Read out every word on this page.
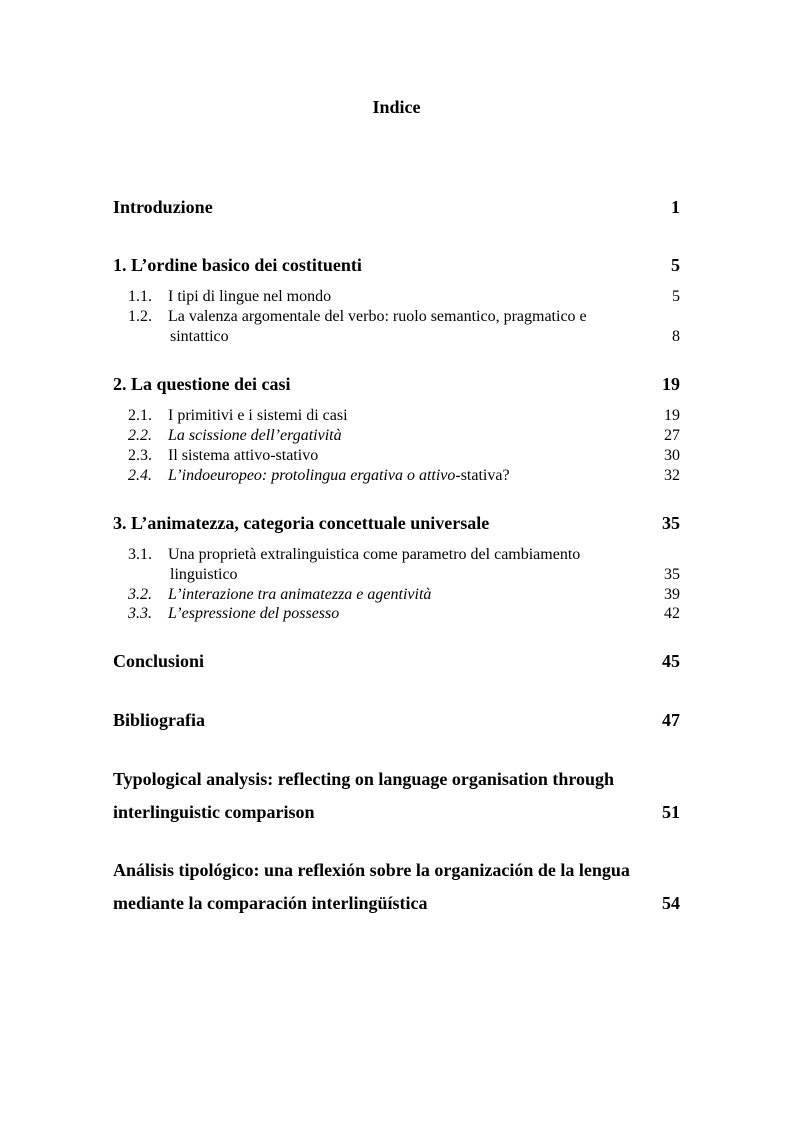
Indice
Introduzione	1
1. L’ordine basico dei costituenti	5
1.1.	I tipi di lingue nel mondo	5
1.2.	La valenza argomentale del verbo: ruolo semantico, pragmatico e
sintattico	8
2. La questione dei casi	19
2.1.	I primitivi e i sistemi di casi	19
2.2.	La scissione dell’ergatività	27
2.3.	Il sistema attivo-stativo	30
2.4.	L’indoeuropeo: protolingua ergativa o attivo-stativa?	32
3. L’animatezza, categoria concettuale universale	35
3.1.	Una proprietà extralinguistica come parametro del cambiamento
linguistico	35
3.2.	L’interazione tra animatezza e agentività	39
3.3.	L’espressione del possesso	42
Conclusioni	45
Bibliografia	47
Typological analysis: reflecting on language organisation through
interlinguistic comparison	51
Análisis tipológico: una reflexión sobre la organización de la lengua
mediante la comparación interlingüística	54
